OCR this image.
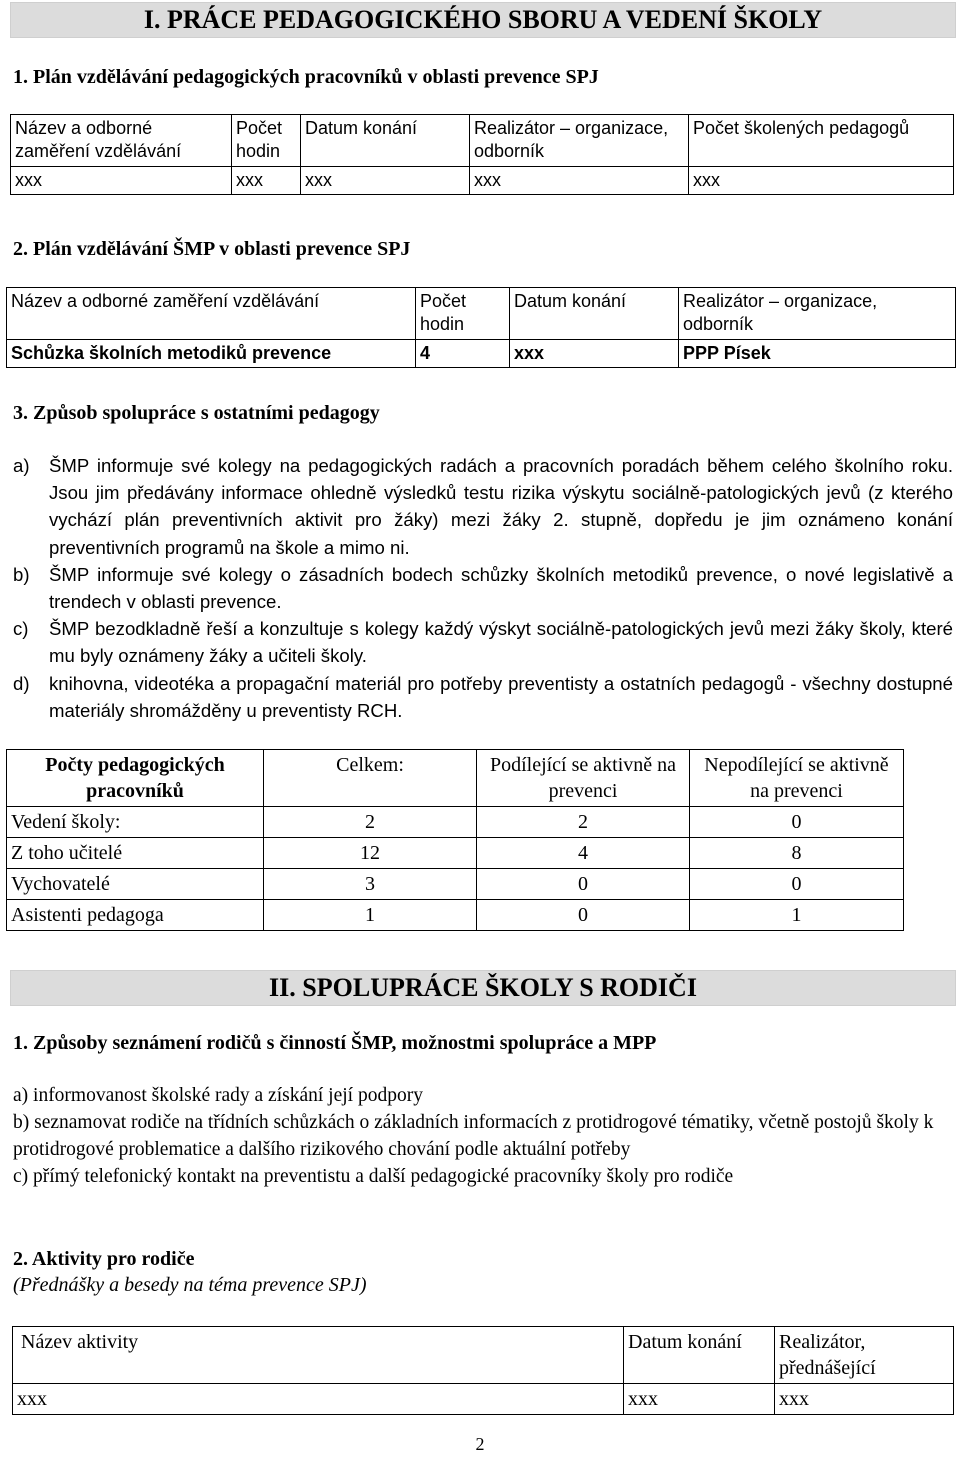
I. PRÁCE PEDAGOGICKÉHO SBORU A VEDENÍ ŠKOLY
1. Plán vzdělávání pedagogických pracovníků v oblasti prevence SPJ
Název a odborné zaměření vzdělávání	Počet hodin	Datum konání	Realizátor – organizace, odborník	Počet školených pedagogů
xxx	xxx	xxx	xxx	xxx
2. Plán vzdělávání ŠMP v oblasti prevence SPJ
Název a odborné zaměření vzdělávání	Počet hodin	Datum konání	Realizátor – organizace, odborník
Schůzka školních metodiků prevence	4	xxx	PPP Písek
3. Způsob spolupráce s ostatními pedagogy
a)	ŠMP informuje své kolegy na pedagogických radách a pracovních poradách během celého školního roku. Jsou jim předávány informace ohledně výsledků testu rizika výskytu sociálně-patologických jevů (z kterého vychází plán preventivních aktivit pro žáky) mezi žáky 2. stupně, dopředu je jim oznámeno konání preventivních programů na škole a mimo ni.
b)	ŠMP informuje své kolegy o zásadních bodech schůzky školních metodiků prevence, o nové legislativě a trendech v oblasti prevence.
c)	ŠMP bezodkladně řeší a konzultuje s kolegy každý výskyt sociálně-patologických jevů mezi žáky školy, které mu byly oznámeny žáky a učiteli školy.
d)	knihovna, videotéka a propagační materiál pro potřeby preventisty a ostatních pedagogů - všechny dostupné materiály shromážděny u preventisty RCH.
Počty pedagogických pracovníků	Celkem:	Podílející se aktivně na prevenci	Nepodílející se aktivně na prevenci
Vedení školy:	2	2	0
Z toho učitelé	12	4	8
Vychovatelé	3	0	0
Asistenti pedagoga	1	0	1
II. SPOLUPRÁCE ŠKOLY S RODIČI
1. Způsoby seznámení rodičů s činností ŠMP, možnostmi spolupráce a MPP
a) informovanost školské rady a získání její podpory
b) seznamovat rodiče na třídních schůzkách o základních informacích z protidrogové tématiky, včetně postojů školy k protidrogové problematice a dalšího rizikového chování podle aktuální potřeby
c) přímý telefonický kontakt na preventistu a další pedagogické pracovníky školy pro rodiče
2. Aktivity pro rodiče
(Přednášky a besedy na téma prevence SPJ)
Název aktivity	Datum konání	Realizátor, přednášející
xxx	xxx	xxx
2
